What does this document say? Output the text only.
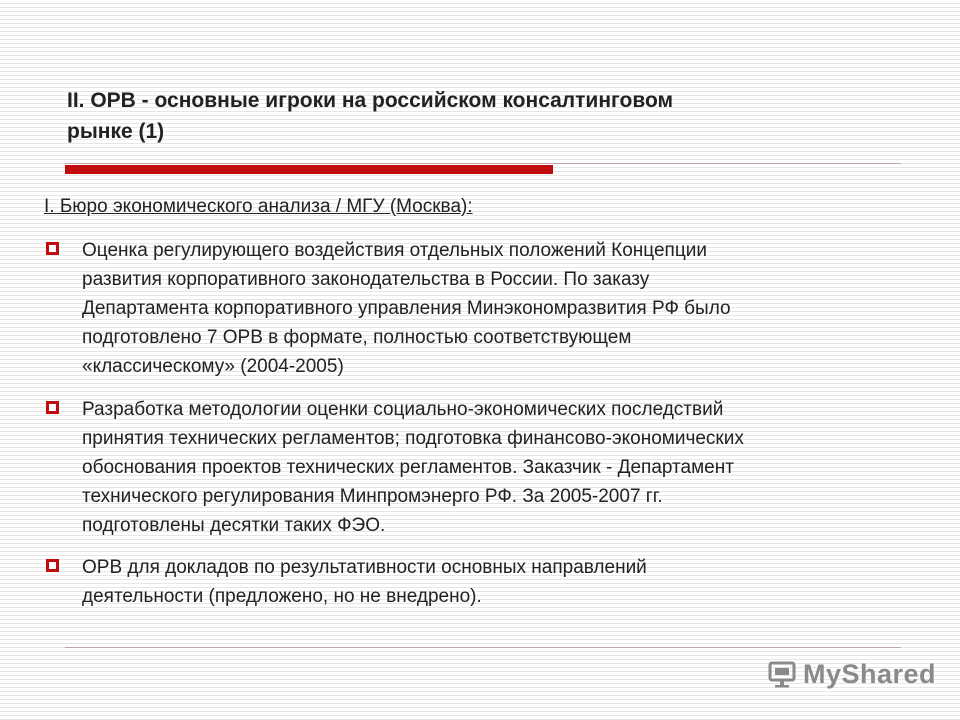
II. ОРВ - основные игроки на российском консалтинговом
рынке (1)
I. Бюро экономического анализа / МГУ (Москва):
Оценка регулирующего воздействия отдельных положений Концепции
развития корпоративного законодательства в России. По заказу
Департамента корпоративного управления Минэкономразвития РФ было
подготовлено 7 ОРВ в формате, полностью соответствующем
«классическому» (2004-2005)
Разработка методологии оценки социально-экономических последствий
принятия технических регламентов; подготовка финансово-экономических
обоснования проектов технических регламентов. Заказчик - Департамент
технического регулирования Минпромэнерго РФ. За 2005-2007 гг.
подготовлены десятки таких ФЭО.
ОРВ для докладов по результативности основных направлений
деятельности (предложено, но не внедрено).
MyShared
